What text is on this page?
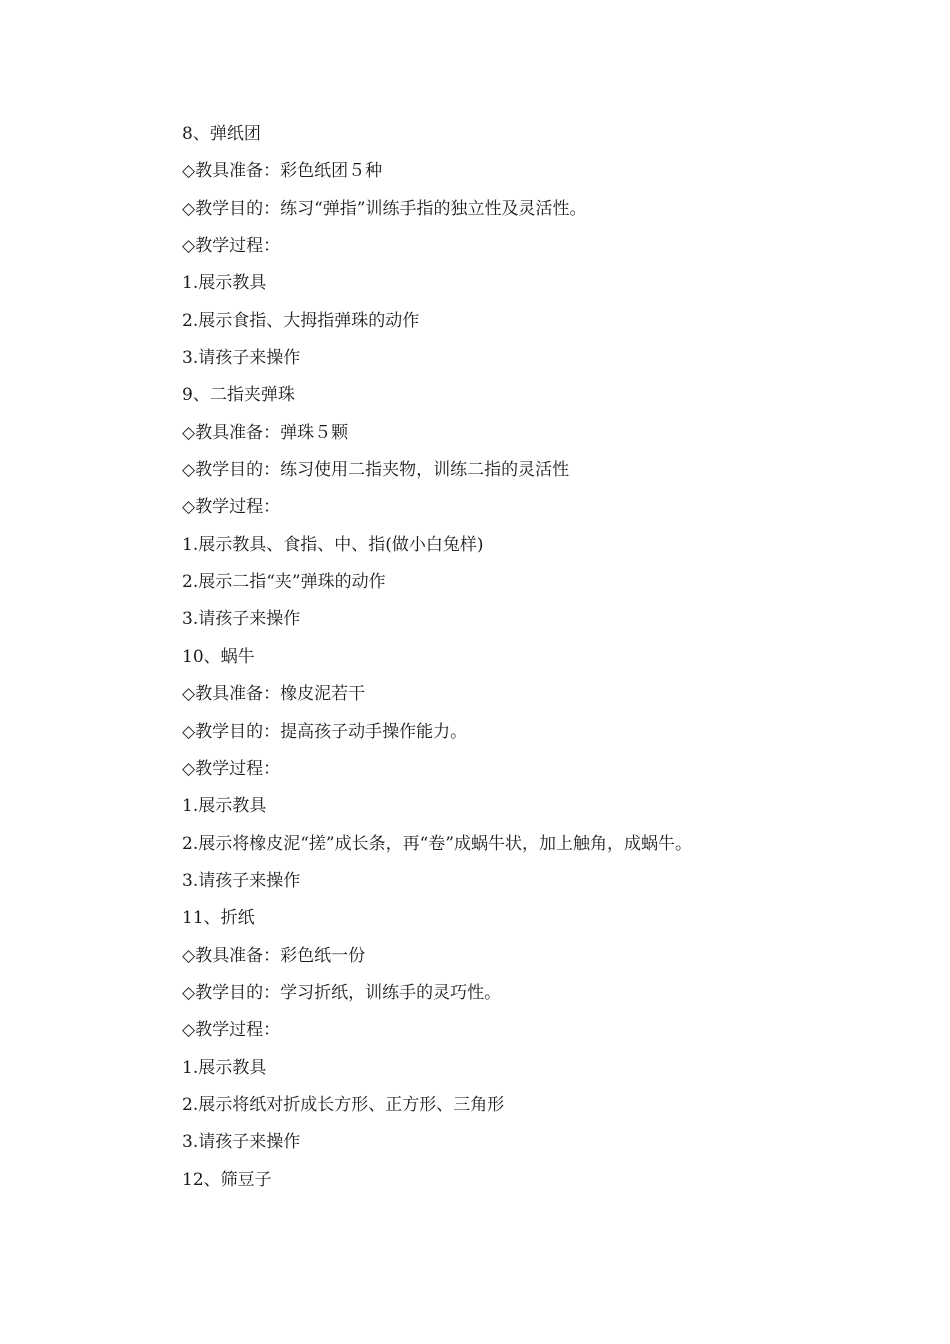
8、弹纸团
◇教具准备：彩色纸团５种
◇教学目的：练习“弹指”训练手指的独立性及灵活性。
◇教学过程：
1.展示教具
2.展示食指、大拇指弹珠的动作
3.请孩子来操作
9、二指夹弹珠
◇教具准备：弹珠５颗
◇教学目的：练习使用二指夹物，训练二指的灵活性
◇教学过程：
1.展示教具、食指、中、指(做小白兔样)
2.展示二指“夹”弹珠的动作
3.请孩子来操作
10、蜗牛
◇教具准备：橡皮泥若干
◇教学目的：提高孩子动手操作能力。
◇教学过程：
1.展示教具
2.展示将橡皮泥“搓”成长条，再“卷”成蜗牛状，加上触角，成蜗牛。
3.请孩子来操作
11、折纸
◇教具准备：彩色纸一份
◇教学目的：学习折纸，训练手的灵巧性。
◇教学过程：
1.展示教具
2.展示将纸对折成长方形、正方形、三角形
3.请孩子来操作
12、筛豆子
